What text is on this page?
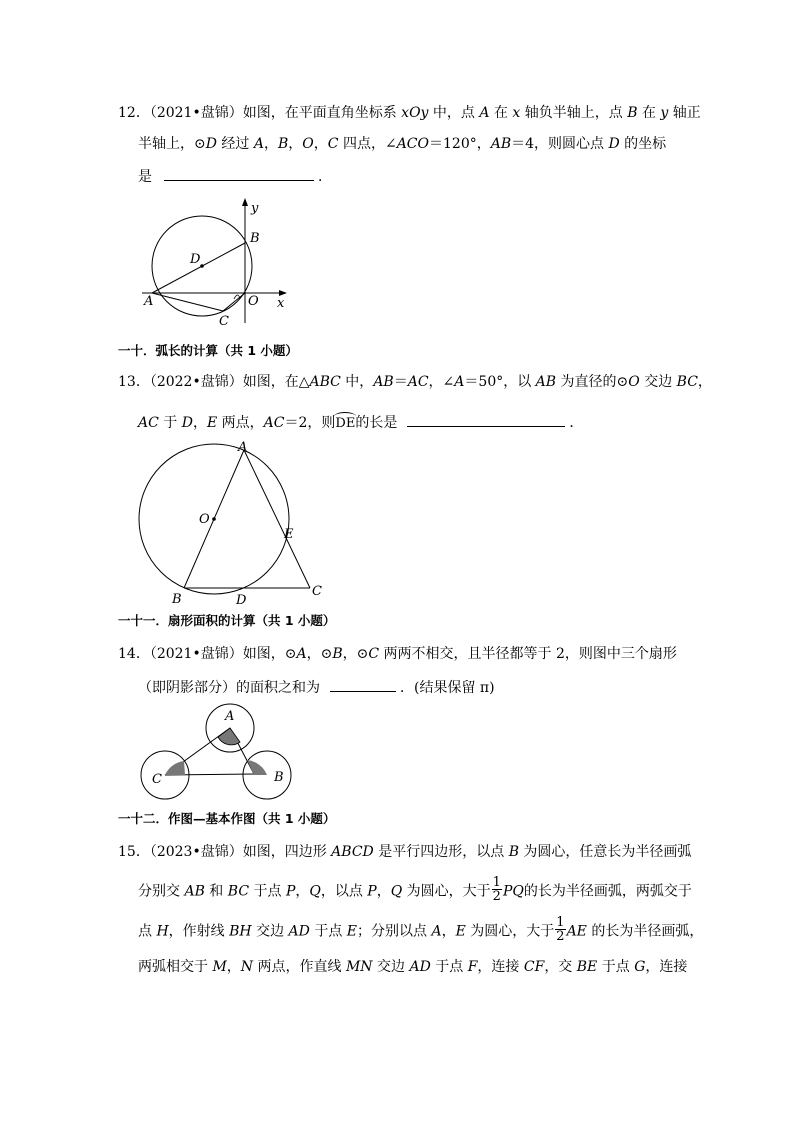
12．（2021•盘锦）如图，在平面直角坐标系 xOy 中，点 A 在 x 轴负半轴上，点 B 在 y 轴正
半轴上，⊙D 经过 A，B，O，C 四点，∠ACO＝120°，AB＝4，则圆心点 D 的坐标
是	．
D
B
A	O
C
x
y
一十．弧长的计算（共 1 小题）
13．（2022•盘锦）如图，在△ABC 中，AB＝AC，∠A＝50°，以 AB 为直径的⊙O 交边 BC，
AC 于 D，E 两点，AC＝2，则DE的长是	．
A
O
E
B	D
C
一十一．扇形面积的计算（共 1 小题）
14．（2021•盘锦）如图，⊙A，⊙B，⊙C 两两不相交，且半径都等于 2，则图中三个扇形
（即阴影部分）的面积之和为	．(结果保留 π)
A
B
C
一十二．作图—基本作图（共 1 小题）
15．（2023•盘锦）如图，四边形 ABCD 是平行四边形，以点 B 为圆心，任意长为半径画弧
分别交 AB 和 BC 于点 P，Q，以点 P，Q 为圆心，大于 $\frac{1}{2}$ PQ的长为半径画弧，两弧交于
点 H，作射线 BH 交边 AD 于点 E；分别以点 A，E 为圆心，大于 $\frac{1}{2}$ AE 的长为半径画弧，
两弧相交于 M，N 两点，作直线 MN 交边 AD 于点 F，连接 CF，交 BE 于点 G，连接
